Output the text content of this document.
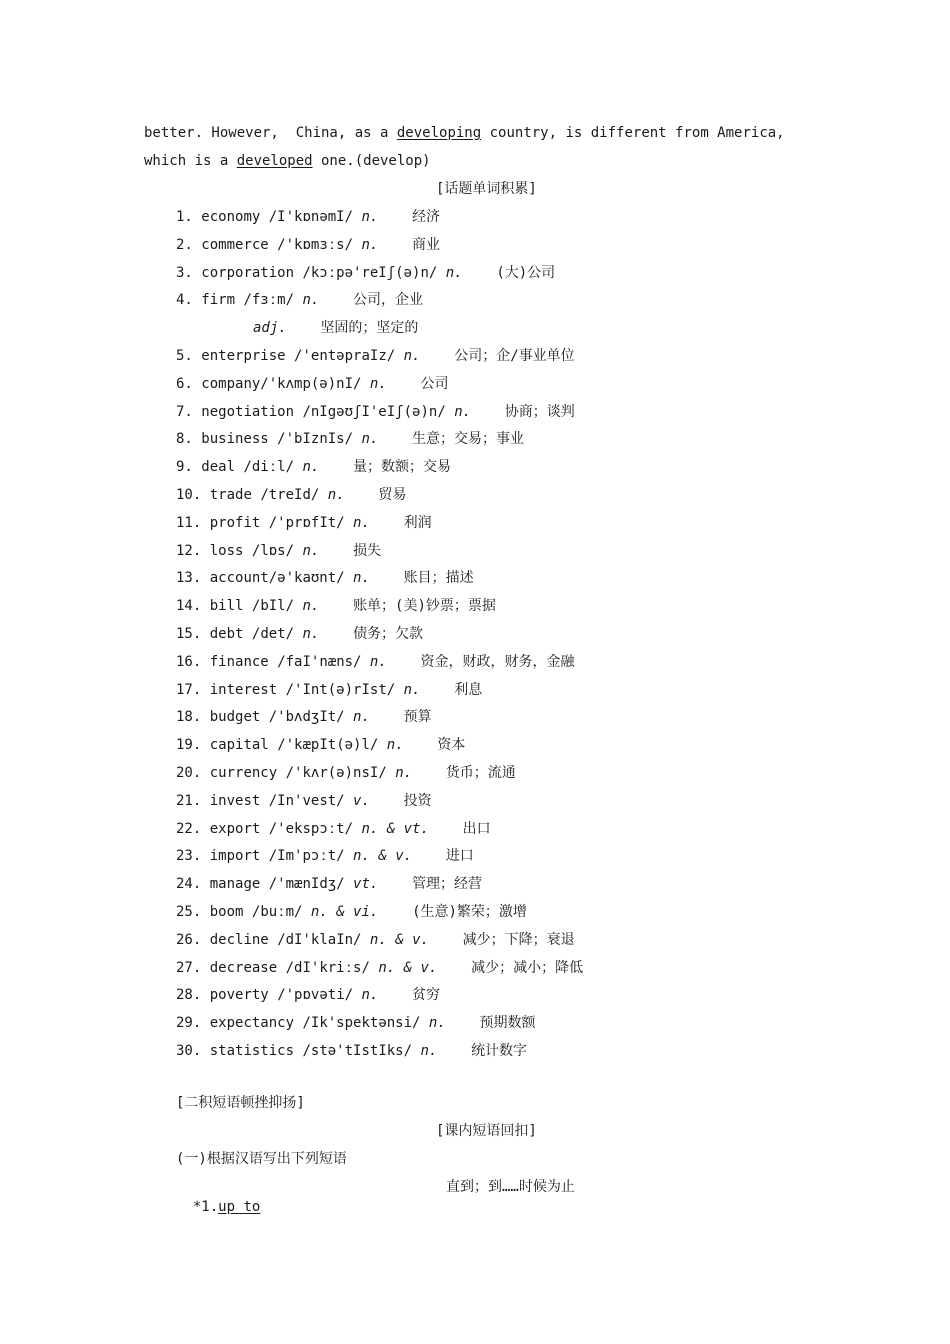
better. However,  China, as a developing country, is different from America,
which is a developed one.(develop)
[话题单词积累]
1. economy /I'kɒnəmI/ n. 经济
2. commerce /'kɒmɜːs/ n. 商业
3. corporation /kɔːpə'reIʃ(ə)n/ n. (大)公司
4. firm /fɜːm/ n. 公司，企业
adj. 坚固的；坚定的
5. enterprise /'entəpraIz/ n. 公司；企/事业单位
6. company/'kʌmp(ə)nI/ n. 公司
7. negotiation /nIgəʊʃI'eIʃ(ə)n/ n. 协商；谈判
8. business /'bIznIs/ n. 生意；交易；事业
9. deal /diːl/ n. 量；数额；交易
10. trade /treId/ n. 贸易
11. profit /'prɒfIt/ n. 利润
12. loss /lɒs/ n. 损失
13. account/ə'kaʊnt/ n. 账目；描述
14. bill /bIl/ n. 账单；(美)钞票；票据
15. debt /det/ n. 债务；欠款
16. finance /faI'næns/ n. 资金，财政，财务，金融
17. interest /'Int(ə)rIst/ n. 利息
18. budget /'bʌdʒIt/ n. 预算
19. capital /'kæpIt(ə)l/ n. 资本
20. currency /'kʌr(ə)nsI/ n. 货币；流通
21. invest /In'vest/ v. 投资
22. export /'ekspɔːt/ n. & vt. 出口
23. import /Im'pɔːt/ n. & v. 进口
24. manage /'mænIdʒ/ vt. 管理；经营
25. boom /buːm/ n. & vi. (生意)繁荣；激增
26. decline /dI'klaIn/ n. & v. 减少；下降；衰退
27. decrease /dI'kriːs/ n. & v. 减少；减小；降低
28. poverty /'pɒvəti/ n. 贫穷
29. expectancy /Ik'spektənsi/ n. 预期数额
30. statistics /stə'tIstIks/ n. 统计数字
[二积短语顿挫抑扬]
[课内短语回扣]
(一)根据汉语写出下列短语

*1.up to

直到；到……时候为止
